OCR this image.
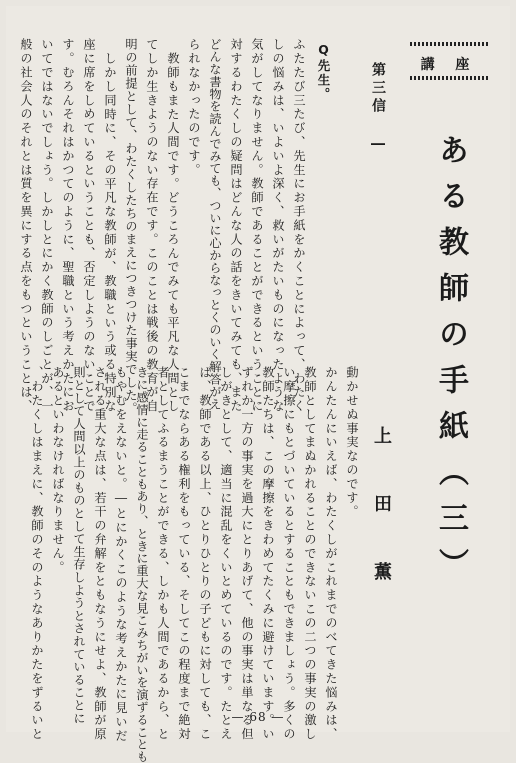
講 座
ある教師の手紙（三）
第三信 ―
上田薫
Q先生。
ふたたび三たび、先生にお手紙をかくことによって、わたく
しの悩みは、いよいよ深く、救いがたいものになったような
気がしてなりません。教師であることができるということに
対するわたくしの疑問はどんな人の話をきいてみても、また
どんな書物を読んでみても、ついに心からなっとくのいく解答がえ
られなかったのです。
教師もまた人間です。どうころんでみても平凡な人間とし
てしか生きようのない存在です。このことは戦後の教育が自
明の前提として、わたくしたちのまえにつきつけた事実でした。
しかし同時に、その平凡な教師が、教職という或る特別な
座に席をしめているということも、否定しようのないことで
す。むろんそれはかつてのように、聖職という考えかたにお
いてではないでしょう。しかしとにかく教師のしごとが、一
般の社会人のそれとは質を異にする点をもつということは、
動かせぬ事実なのです。
かんたんにいえば、わたくしがこれまでのべてきた悩みは、
教師としてまぬかれることのできないこの二つの事実の激し
い摩擦にもとづいているとすることもできましょう。多くの
教師たちは、この摩擦をきわめてたくみに避けています。い
ずれか一方の事実を過大にとりあげて、他の事実は単なる但
しがきとして、適当に混乱をくいとめているのです。たとえ
ば、教師である以上、ひとりひとりの子どもに対しても、こ
こまでならある権利をもっている、そしてこの程度まで絶対
者としてふるまうことができる、しかも人間であるから、と
きに感情に走ることもあり、ときに重大な見こみちがいを演ずることも
もやむをえないと。―とにかくこのような考えかたに見いだ
される重大な点は、若干の弁解をともなうにせよ、教師が原
則として人間以上のものとして生存しようとされていることに
あるといわなければなりません。
、わたくしはまえに、教師のそのようなありかたをずるいと	— 68 —
